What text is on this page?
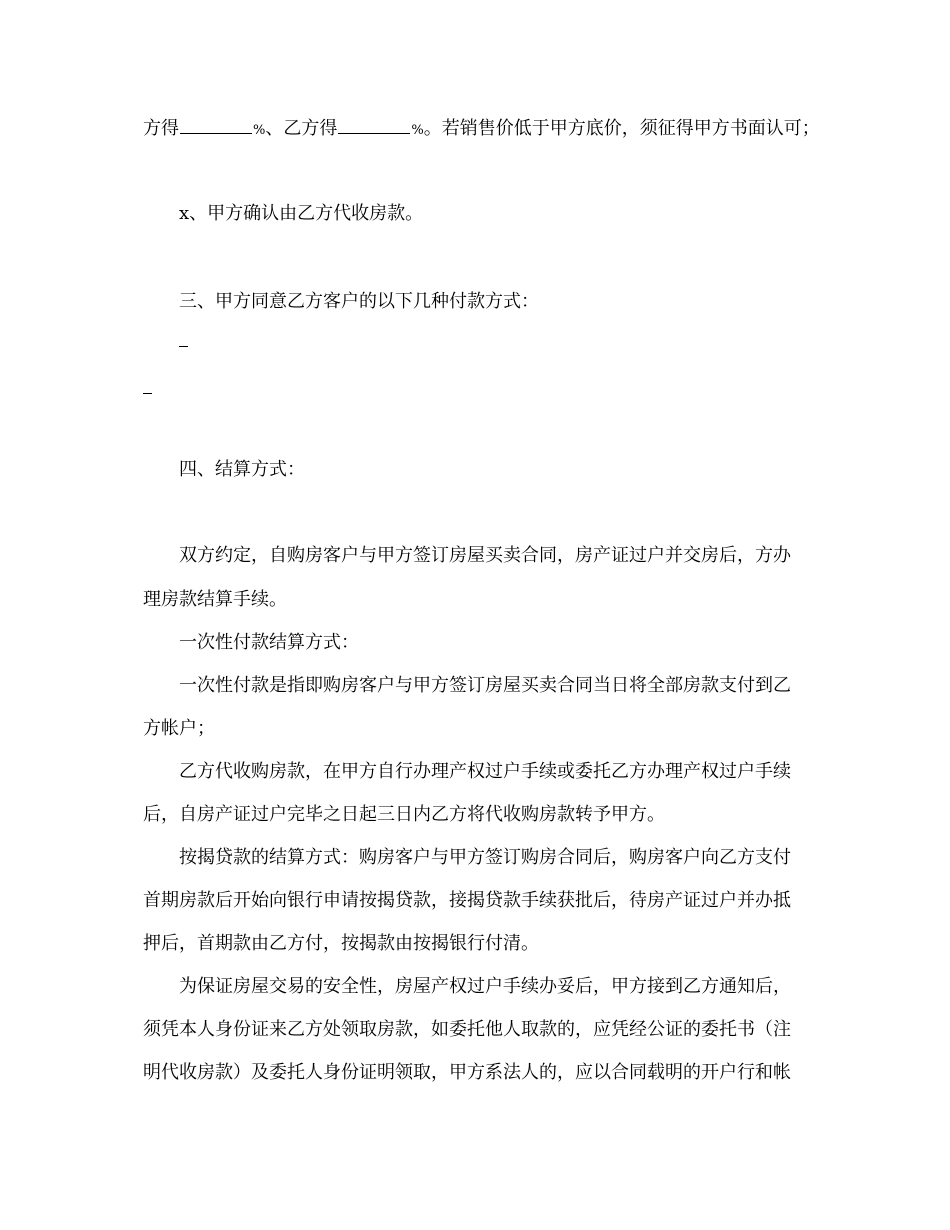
方得	%、乙方得	%。若销售价低于甲方底价，须征得甲方书面认可；
x、甲方确认由乙方代收房款。
三、甲方同意乙方客户的以下几种付款方式：
四、结算方式：
双方约定，自购房客户与甲方签订房屋买卖合同，房产证过户并交房后，方办
理房款结算手续。
一次性付款结算方式：
一次性付款是指即购房客户与甲方签订房屋买卖合同当日将全部房款支付到乙
方帐户；
乙方代收购房款，在甲方自行办理产权过户手续或委托乙方办理产权过户手续
后，自房产证过户完毕之日起三日内乙方将代收购房款转予甲方。
按揭贷款的结算方式：购房客户与甲方签订购房合同后，购房客户向乙方支付
首期房款后开始向银行申请按揭贷款，接揭贷款手续获批后，待房产证过户并办抵
押后，首期款由乙方付，按揭款由按揭银行付清。
为保证房屋交易的安全性，房屋产权过户手续办妥后，甲方接到乙方通知后，
须凭本人身份证来乙方处领取房款，如委托他人取款的，应凭经公证的委托书（注
明代收房款）及委托人身份证明领取，甲方系法人的，应以合同载明的开户行和帐
